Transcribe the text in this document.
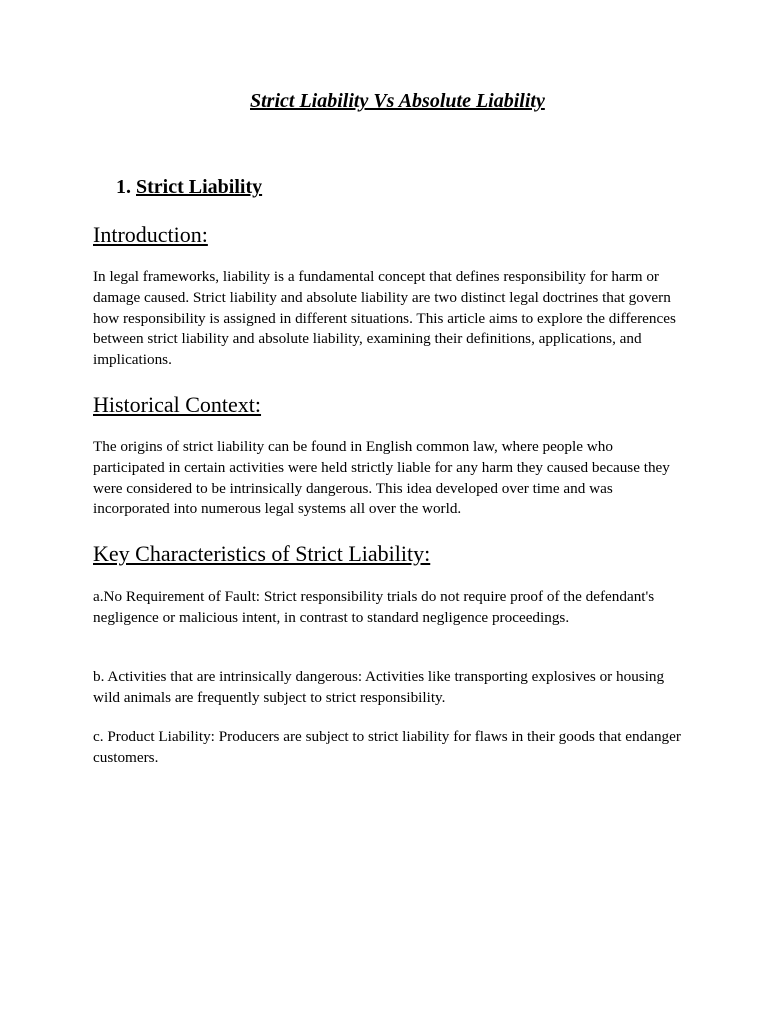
Strict Liability Vs Absolute Liability
1. Strict Liability
Introduction:

In legal frameworks, liability is a fundamental concept that defines responsibility for harm or damage caused. Strict liability and absolute liability are two distinct legal doctrines that govern how responsibility is assigned in different situations. This article aims to explore the differences between strict liability and absolute liability, examining their definitions, applications, and implications.

Historical Context:

The origins of strict liability can be found in English common law, where people who participated in certain activities were held strictly liable for any harm they caused because they were considered to be intrinsically dangerous. This idea developed over time and was incorporated into numerous legal systems all over the world.

Key Characteristics of Strict Liability:

a.No Requirement of Fault: Strict responsibility trials do not require proof of the defendant's negligence or malicious intent, in contrast to standard negligence proceedings.

b. Activities that are intrinsically dangerous: Activities like transporting explosives or housing wild animals are frequently subject to strict responsibility.

c. Product Liability: Producers are subject to strict liability for flaws in their goods that endanger customers.
